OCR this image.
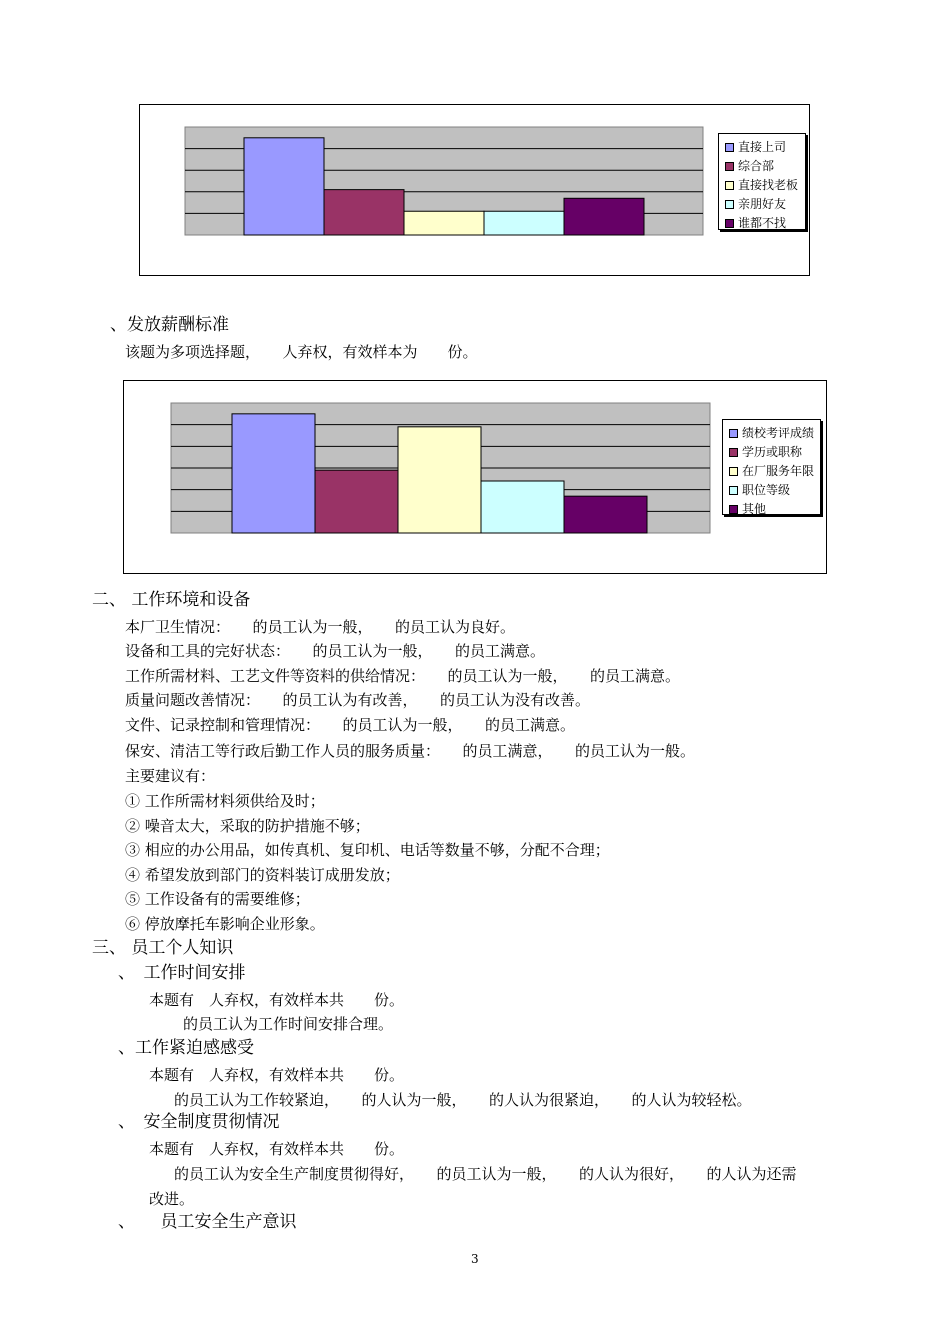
直接上司
综合部
直接找老板
亲朋好友
谁都不找
绩校考评成绩
学历或职称
在厂服务年限
职位等级
其他
、发放薪酬标准
该题为多项选择题，　　人弃权，有效样本为　　份。
二、 工作环境和设备
本厂卫生情况：　　的员工认为一般，　　的员工认为良好。
设备和工具的完好状态：　　的员工认为一般，　　的员工满意。
工作所需材料、工艺文件等资料的供给情况：　　的员工认为一般，　　的员工满意。
质量问题改善情况：　　的员工认为有改善，　　的员工认为没有改善。
文件、记录控制和管理情况：　　的员工认为一般，　　的员工满意。
保安、清洁工等行政后勤工作人员的服务质量：　　的员工满意，　　的员工认为一般。
主要建议有：
① 工作所需材料须供给及时；
② 噪音太大，采取的防护措施不够；
③ 相应的办公用品，如传真机、复印机、电话等数量不够，分配不合理；
④ 希望发放到部门的资料装订成册发放；
⑤ 工作设备有的需要维修；
⑥ 停放摩托车影响企业形象。
三、 员工个人知识
、　工作时间安排
本题有　人弃权，有效样本共　　份。
的员工认为工作时间安排合理。
、工作紧迫感感受
本题有　人弃权，有效样本共　　份。
的员工认为工作较紧迫，　　的人认为一般，　　的人认为很紧迫，　　的人认为较轻松。
、　安全制度贯彻情况
本题有　人弃权，有效样本共　　份。
的员工认为安全生产制度贯彻得好，　　的员工认为一般，　　的人认为很好，　　的人认为还需
改进。
、　　员工安全生产意识
3
